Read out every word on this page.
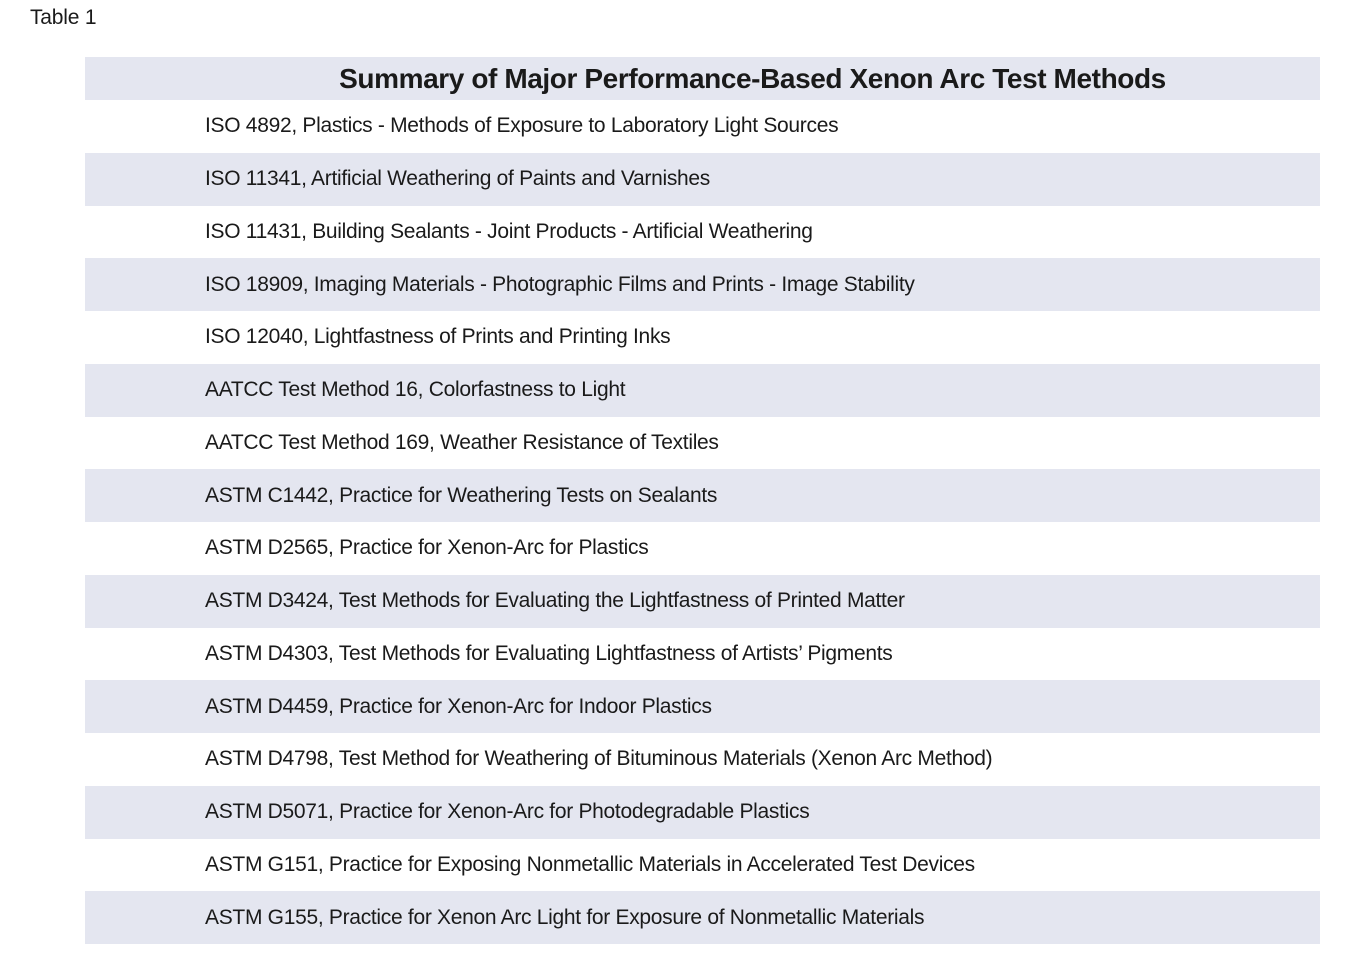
Table 1
Summary of Major Performance-Based Xenon Arc Test Methods
ISO 4892, Plastics - Methods of Exposure to Laboratory Light Sources
ISO 11341, Artificial Weathering of Paints and Varnishes
ISO 11431, Building Sealants - Joint Products - Artificial Weathering
ISO 18909, Imaging Materials - Photographic Films and Prints - Image Stability
ISO 12040, Lightfastness of Prints and Printing Inks
AATCC Test Method 16, Colorfastness to Light
AATCC Test Method 169, Weather Resistance of Textiles
ASTM C1442, Practice for Weathering Tests on Sealants
ASTM D2565, Practice for Xenon-Arc for Plastics
ASTM D3424, Test Methods for Evaluating the Lightfastness of Printed Matter
ASTM D4303, Test Methods for Evaluating Lightfastness of Artists’ Pigments
ASTM D4459, Practice for Xenon-Arc for Indoor Plastics
ASTM D4798, Test Method for Weathering of Bituminous Materials (Xenon Arc Method)
ASTM D5071, Practice for Xenon-Arc for Photodegradable Plastics
ASTM G151, Practice for Exposing Nonmetallic Materials in Accelerated Test Devices
ASTM G155, Practice for Xenon Arc Light for Exposure of Nonmetallic Materials
